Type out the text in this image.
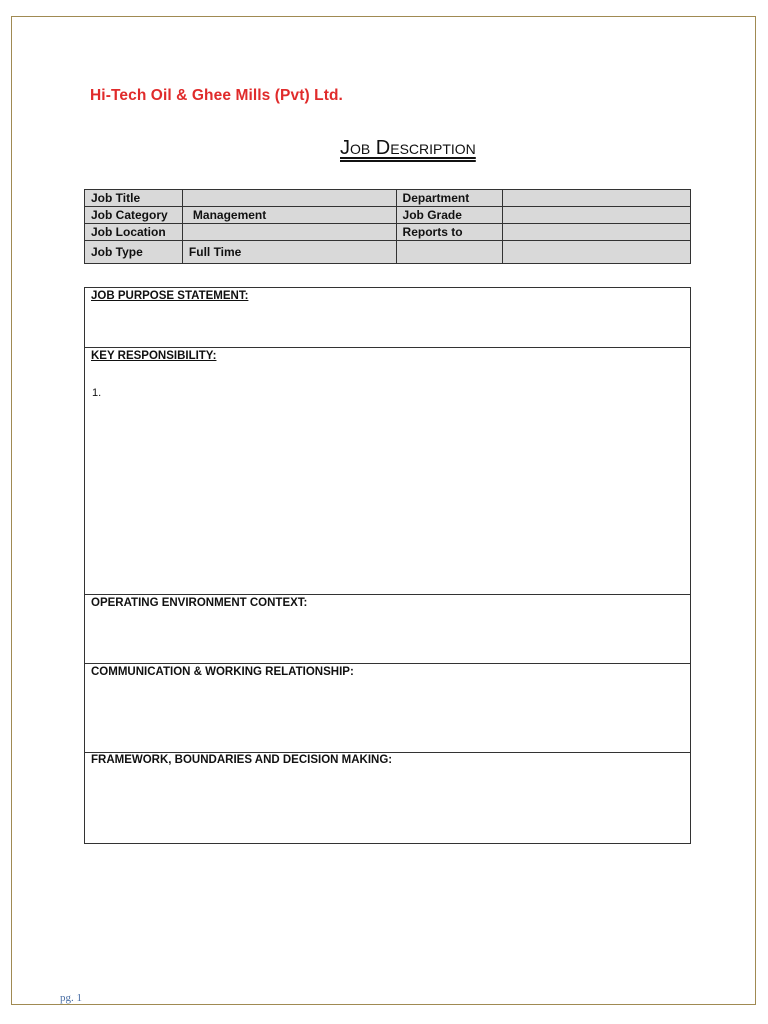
Hi-Tech Oil & Ghee Mills (Pvt) Ltd.
Job Description
Job Title		Department	
Job Category	Management	Job Grade	
Job Location		Reports to	
Job Type	Full Time		
JOB PURPOSE STATEMENT:
KEY RESPONSIBILITY:
1.
OPERATING ENVIRONMENT CONTEXT:
COMMUNICATION & WORKING RELATIONSHIP:
FRAMEWORK, BOUNDARIES AND DECISION MAKING:
pg. 1
